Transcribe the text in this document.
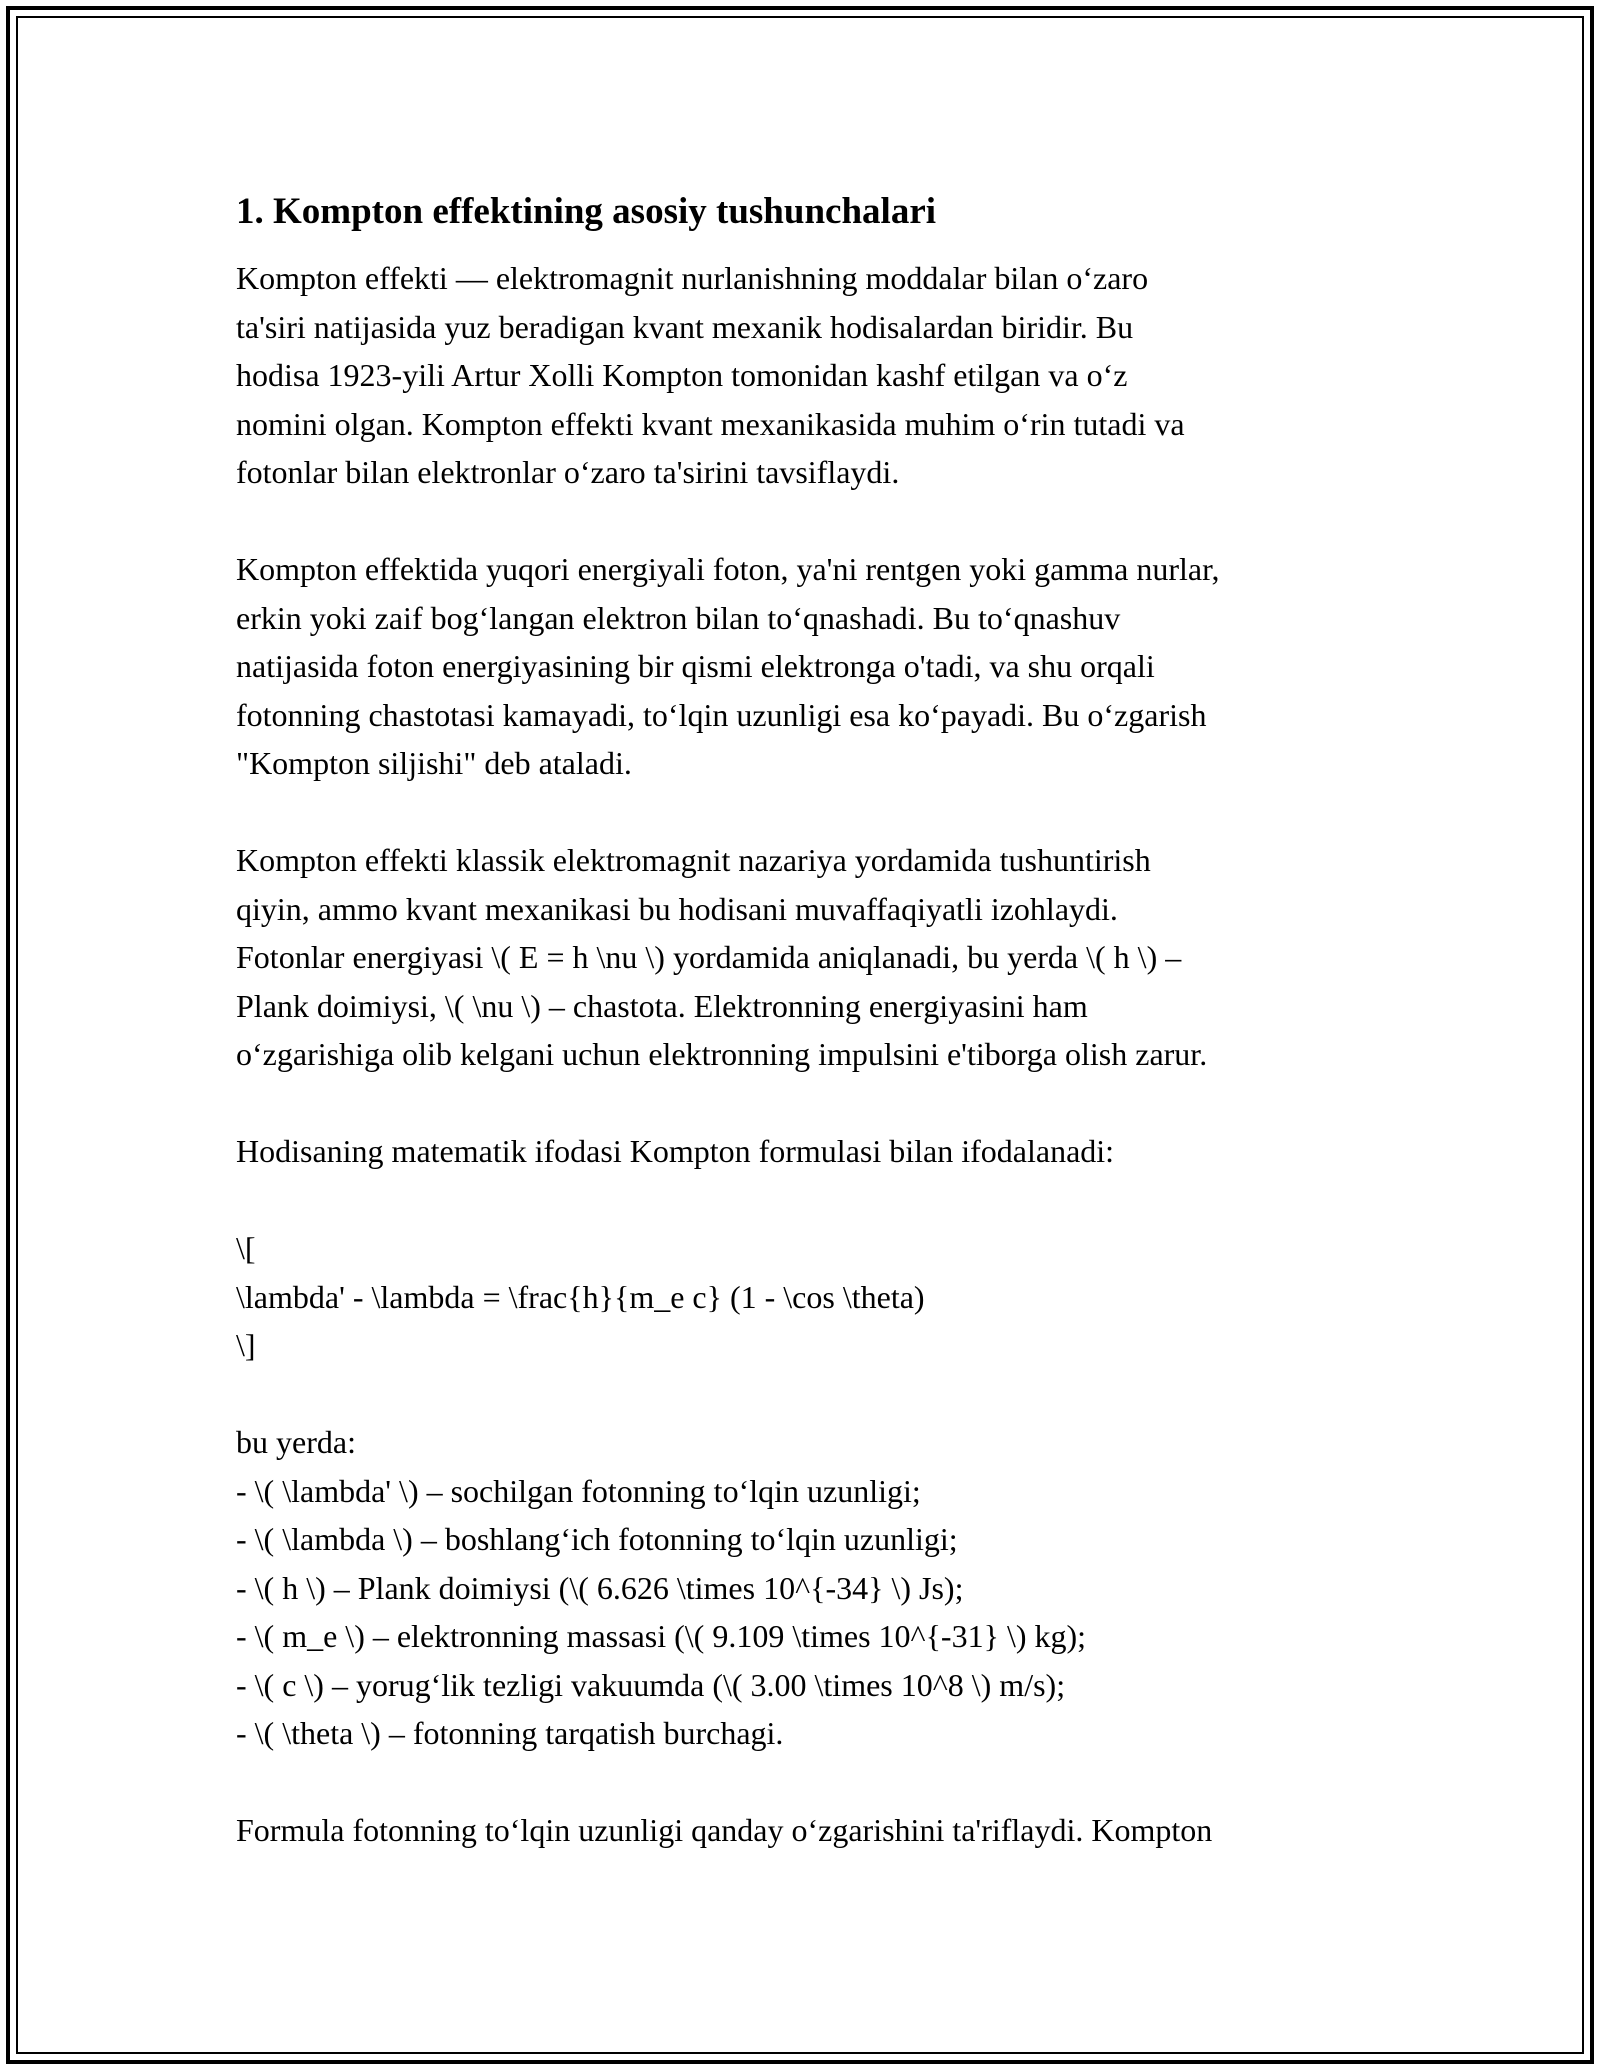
1. Kompton effektining asosiy tushunchalari

Kompton effekti — elektromagnit nurlanishning moddalar bilan o‘zaro
ta'siri natijasida yuz beradigan kvant mexanik hodisalardan biridir. Bu
hodisa 1923-yili Artur Xolli Kompton tomonidan kashf etilgan va o‘z
nomini olgan. Kompton effekti kvant mexanikasida muhim o‘rin tutadi va
fotonlar bilan elektronlar o‘zaro ta'sirini tavsiflaydi.

Kompton effektida yuqori energiyali foton, ya'ni rentgen yoki gamma nurlar,
erkin yoki zaif bog‘langan elektron bilan to‘qnashadi. Bu to‘qnashuv
natijasida foton energiyasining bir qismi elektronga o'tadi, va shu orqali
fotonning chastotasi kamayadi, to‘lqin uzunligi esa ko‘payadi. Bu o‘zgarish
"Kompton siljishi" deb ataladi.

Kompton effekti klassik elektromagnit nazariya yordamida tushuntirish
qiyin, ammo kvant mexanikasi bu hodisani muvaffaqiyatli izohlaydi.
Fotonlar energiyasi \( E = h \nu \) yordamida aniqlanadi, bu yerda \( h \) –
Plank doimiysi, \( \nu \) – chastota. Elektronning energiyasini ham
o‘zgarishiga olib kelgani uchun elektronning impulsini e'tiborga olish zarur.

Hodisaning matematik ifodasi Kompton formulasi bilan ifodalanadi:

\[
\lambda' - \lambda = \frac{h}{m_e c} (1 - \cos \theta)
\]
bu yerda:
- \( \lambda' \) – sochilgan fotonning to‘lqin uzunligi;
- \( \lambda \) – boshlang‘ich fotonning to‘lqin uzunligi;
- \( h \) – Plank doimiysi (\( 6.626 \times 10^{-34} \) Js);
- \( m_e \) – elektronning massasi (\( 9.109 \times 10^{-31} \) kg);
- \( c \) – yorug‘lik tezligi vakuumda (\( 3.00 \times 10^8 \) m/s);
- \( \theta \) – fotonning tarqatish burchagi.

Formula fotonning to‘lqin uzunligi qanday o‘zgarishini ta'riflaydi. Kompton
